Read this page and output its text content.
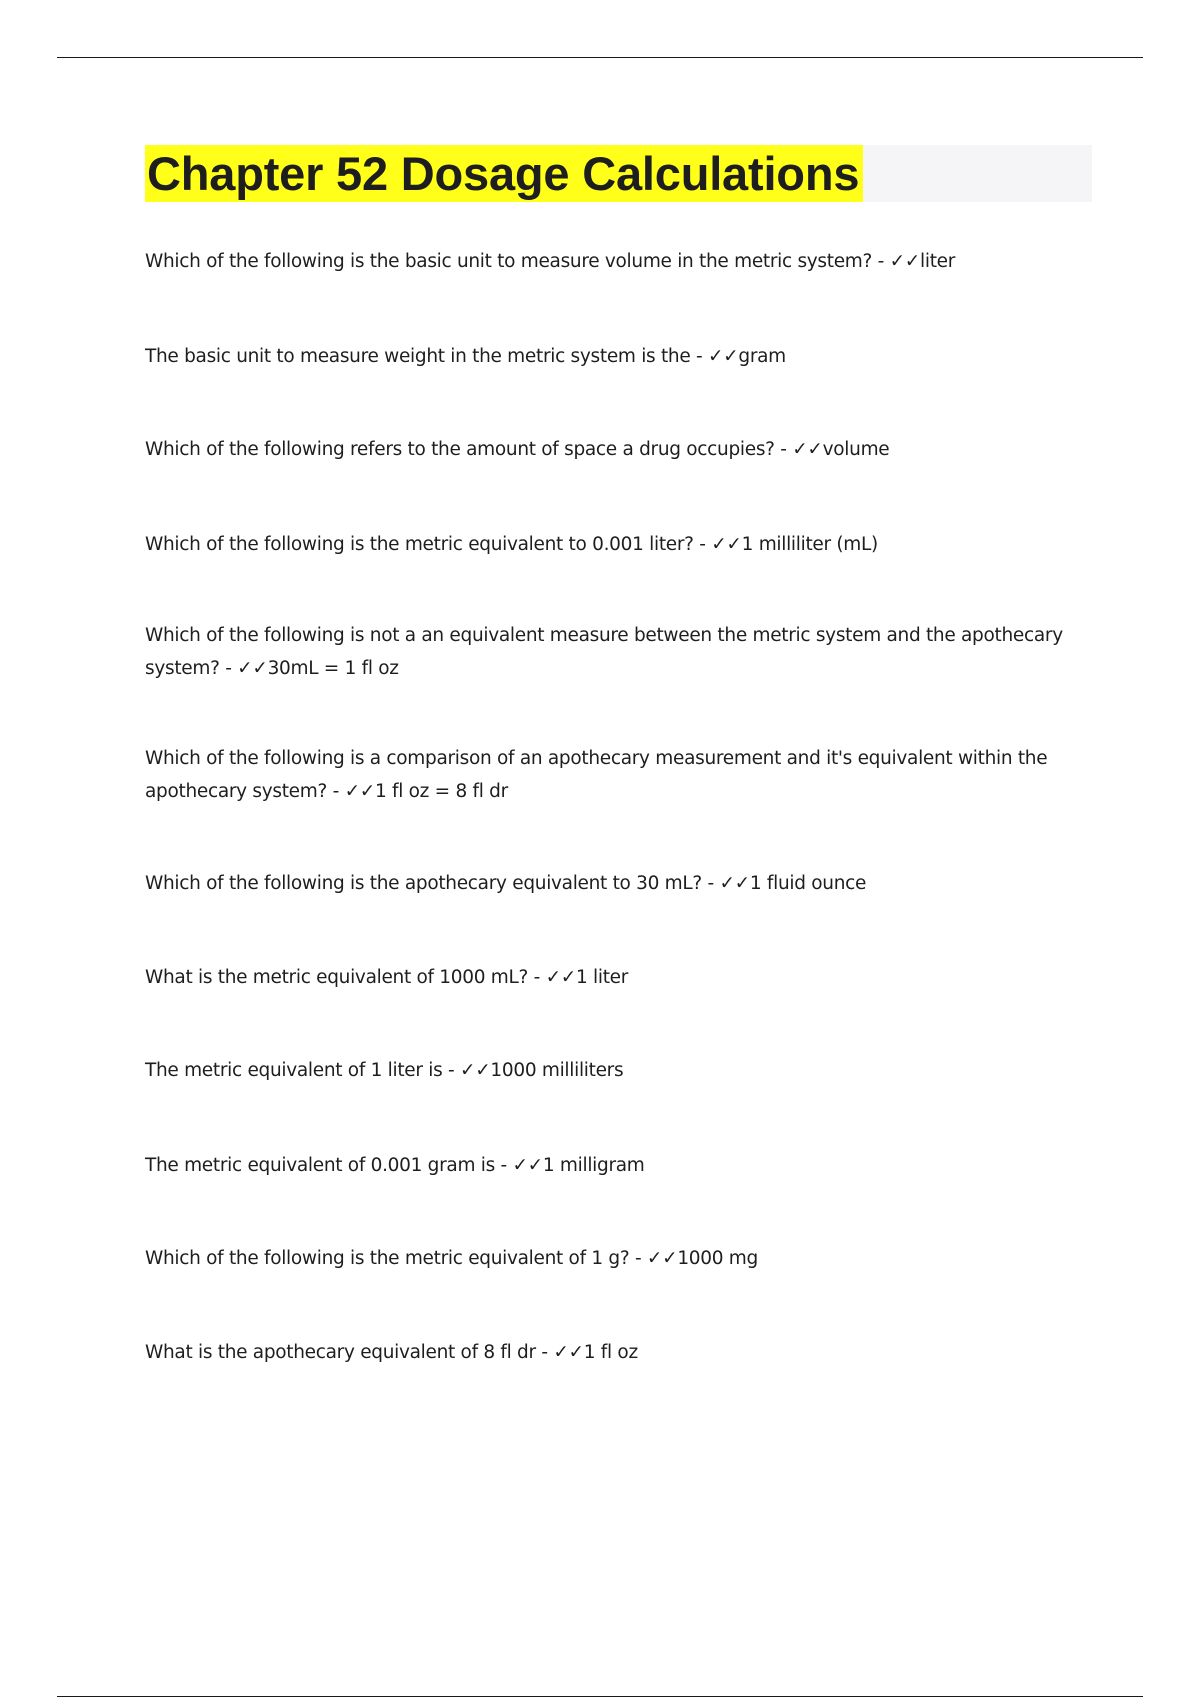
Chapter 52 Dosage Calculations

Which of the following is the basic unit to measure volume in the metric system? - ✓✓liter

The basic unit to measure weight in the metric system is the - ✓✓gram

Which of the following refers to the amount of space a drug occupies? - ✓✓volume

Which of the following is the metric equivalent to 0.001 liter? - ✓✓1 milliliter (mL)

Which of the following is not a an equivalent measure between the metric system and the apothecary system? - ✓✓30mL = 1 fl oz

Which of the following is a comparison of an apothecary measurement and it's equivalent within the apothecary system? - ✓✓1 fl oz = 8 fl dr

Which of the following is the apothecary equivalent to 30 mL? - ✓✓1 fluid ounce

What is the metric equivalent of 1000 mL? - ✓✓1 liter

The metric equivalent of 1 liter is - ✓✓1000 milliliters

The metric equivalent of 0.001 gram is - ✓✓1 milligram

Which of the following is the metric equivalent of 1 g? - ✓✓1000 mg

What is the apothecary equivalent of 8 fl dr - ✓✓1 fl oz
